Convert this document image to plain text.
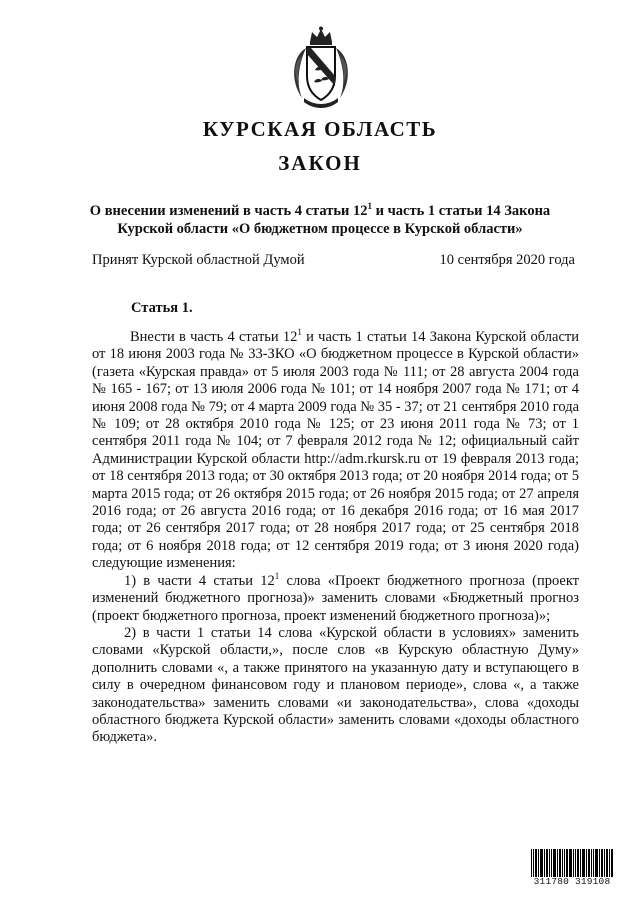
КУРСКАЯ ОБЛАСТЬ
ЗАКОН
О внесении изменений в часть 4 статьи $12^1$ и часть 1 статьи 14 Закона Курской области «О бюджетном процессе в Курской области»
Принят Курской областной Думой	10 сентября 2020 года
Статья 1.

Внести в часть 4 статьи $12^1$ и часть 1 статьи 14 Закона Курской области от 18 июня 2003 года № 33-ЗКО «О бюджетном процессе в Курской области» (газета «Курская правда» от 5 июля 2003 года № 111; от 28 августа 2004 года № 165 - 167; от 13 июля 2006 года № 101; от 14 ноября 2007 года № 171; от 4 июня 2008 года № 79; от 4 марта 2009 года № 35 - 37; от 21 сентября 2010 года № 109; от 28 октября 2010 года № 125; от 23 июня 2011 года № 73; от 1 сентября 2011 года № 104; от 7 февраля 2012 года № 12; официальный сайт Администрации Курской области http://adm.rkursk.ru от 19 февраля 2013 года; от 18 сентября 2013 года; от 30 октября 2013 года; от 20 ноября 2014 года; от 5 марта 2015 года; от 26 октября 2015 года; от 26 ноября 2015 года; от 27 апреля 2016 года; от 26 августа 2016 года; от 16 декабря 2016 года; от 16 мая 2017 года; от 26 сентября 2017 года; от 28 ноября 2017 года; от 25 сентября 2018 года; от 6 ноября 2018 года; от 12 сентября 2019 года; от 3 июня 2020 года) следующие изменения:

1) в части 4 статьи $12^1$ слова «Проект бюджетного прогноза (проект изменений бюджетного прогноза)» заменить словами «Бюджетный прогноз (проект бюджетного прогноза, проект изменений бюджетного прогноза)»;

2) в части 1 статьи 14 слова «Курской области в условиях» заменить словами «Курской области,», после слов «в Курскую областную Думу» дополнить словами «, а также принятого на указанную дату и вступающего в силу в очередном финансовом году и плановом периоде», слова «, а также законодательства» заменить словами «и законодательства», слова «доходы областного бюджета Курской области» заменить словами «доходы областного бюджета».

311780 319108
